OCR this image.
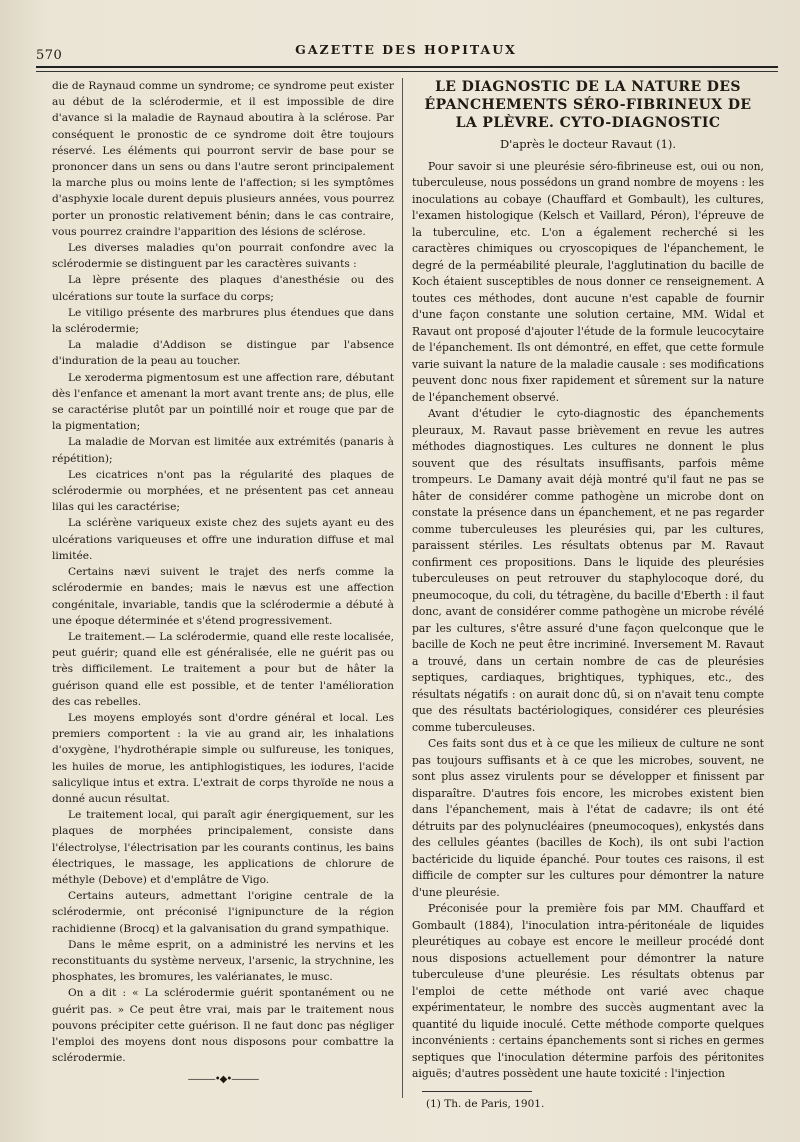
570	GAZETTE DES HOPITAUX

die de Raynaud comme un syndrome; ce syndrome peut exister au début de la sclérodermie, et il est impossible de dire d'avance si la maladie de Raynaud aboutira à la sclérose. Par conséquent le pronostic de ce syndrome doit être toujours réservé. Les éléments qui pourront servir de base pour se prononcer dans un sens ou dans l'autre seront principalement la marche plus ou moins lente de l'affection; si les symptômes d'asphyxie locale durent depuis plusieurs années, vous pourrez porter un pronostic relativement bénin; dans le cas contraire, vous pourrez craindre l'apparition des lésions de sclérose.

Les diverses maladies qu'on pourrait confondre avec la sclérodermie se distinguent par les caractères suivants :

La lèpre présente des plaques d'anesthésie ou des ulcérations sur toute la surface du corps;

Le vitiligo présente des marbrures plus étendues que dans la sclérodermie;

La maladie d'Addison se distingue par l'absence d'induration de la peau au toucher.

Le xeroderma pigmentosum est une affection rare, débutant dès l'enfance et amenant la mort avant trente ans; de plus, elle se caractérise plutôt par un pointillé noir et rouge que par de la pigmentation;

La maladie de Morvan est limitée aux extrémités (panaris à répétition);

Les cicatrices n'ont pas la régularité des plaques de sclérodermie ou morphées, et ne présentent pas cet anneau lilas qui les caractérise;

La sclérène variqueux existe chez des sujets ayant eu des ulcérations variqueuses et offre une induration diffuse et mal limitée.

Certains nævi suivent le trajet des nerfs comme la sclérodermie en bandes; mais le nævus est une affection congénitale, invariable, tandis que la sclérodermie a débuté à une époque déterminée et s'étend progressivement.

Le traitement.— La sclérodermie, quand elle reste localisée, peut guérir; quand elle est généralisée, elle ne guérit pas ou très difficilement. Le traitement a pour but de hâter la guérison quand elle est possible, et de tenter l'amélioration des cas rebelles.

Les moyens employés sont d'ordre général et local. Les premiers comportent : la vie au grand air, les inhalations d'oxygène, l'hydrothérapie simple ou sulfureuse, les toniques, les huiles de morue, les antiphlogistiques, les iodures, l'acide salicylique intus et extra. L'extrait de corps thyroïde ne nous a donné aucun résultat.

Le traitement local, qui paraît agir énergiquement, sur les plaques de morphées principalement, consiste dans l'électrolyse, l'électrisation par les courants continus, les bains électriques, le massage, les applications de chlorure de méthyle (Debove) et d'emplâtre de Vigo.

Certains auteurs, admettant l'origine centrale de la sclérodermie, ont préconisé l'ignipuncture de la région rachidienne (Brocq) et la galvanisation du grand sympathique.

Dans le même esprit, on a administré les nervins et les reconstituants du système nerveux, l'arsenic, la strychnine, les phosphates, les bromures, les valérianates, le musc.

On a dit : « La sclérodermie guérit spontanément ou ne guérit pas. » Ce peut être vrai, mais par le traitement nous pouvons précipiter cette guérison. Il ne faut donc pas négliger l'emploi des moyens dont nous disposons pour combattre la sclérodermie.

———•◆•———
LE DIAGNOSTIC DE LA NATURE DES ÉPANCHEMENTS SÉRO-FIBRINEUX DE LA PLÈVRE. CYTO-DIAGNOSTIC
D'après le docteur Ravaut (1).

Pour savoir si une pleurésie séro-fibrineuse est, oui ou non, tuberculeuse, nous possédons un grand nombre de moyens : les inoculations au cobaye (Chauffard et Gombault), les cultures, l'examen histologique (Kelsch et Vaillard, Péron), l'épreuve de la tuberculine, etc. L'on a également recherché si les caractères chimiques ou cryoscopiques de l'épanchement, le degré de la perméabilité pleurale, l'agglutination du bacille de Koch étaient susceptibles de nous donner ce renseignement. A toutes ces méthodes, dont aucune n'est capable de fournir d'une façon constante une solution certaine, MM. Widal et Ravaut ont proposé d'ajouter l'étude de la formule leucocytaire de l'épanchement. Ils ont démontré, en effet, que cette formule varie suivant la nature de la maladie causale : ses modifications peuvent donc nous fixer rapidement et sûrement sur la nature de l'épanchement observé.

Avant d'étudier le cyto-diagnostic des épanchements pleuraux, M. Ravaut passe brièvement en revue les autres méthodes diagnostiques. Les cultures ne donnent le plus souvent que des résultats insuffisants, parfois même trompeurs. Le Damany avait déjà montré qu'il faut ne pas se hâter de considérer comme pathogène un microbe dont on constate la présence dans un épanchement, et ne pas regarder comme tuberculeuses les pleurésies qui, par les cultures, paraissent stériles. Les résultats obtenus par M. Ravaut confirment ces propositions. Dans le liquide des pleurésies tuberculeuses on peut retrouver du staphylocoque doré, du pneumocoque, du coli, du tétragène, du bacille d'Eberth : il faut donc, avant de considérer comme pathogène un microbe révélé par les cultures, s'être assuré d'une façon quelconque que le bacille de Koch ne peut être incriminé. Inversement M. Ravaut a trouvé, dans un certain nombre de cas de pleurésies septiques, cardiaques, brightiques, typhiques, etc., des résultats négatifs : on aurait donc dû, si on n'avait tenu compte que des résultats bactériologiques, considérer ces pleurésies comme tuberculeuses.

Ces faits sont dus et à ce que les milieux de culture ne sont pas toujours suffisants et à ce que les microbes, souvent, ne sont plus assez virulents pour se développer et finissent par disparaître. D'autres fois encore, les microbes existent bien dans l'épanchement, mais à l'état de cadavre; ils ont été détruits par des polynucléaires (pneumocoques), enkystés dans des cellules géantes (bacilles de Koch), ils ont subi l'action bactéricide du liquide épanché. Pour toutes ces raisons, il est difficile de compter sur les cultures pour démontrer la nature d'une pleurésie.

Préconisée pour la première fois par MM. Chauffard et Gombault (1884), l'inoculation intra-péritonéale de liquides pleurétiques au cobaye est encore le meilleur procédé dont nous disposions actuellement pour démontrer la nature tuberculeuse d'une pleurésie. Les résultats obtenus par l'emploi de cette méthode ont varié avec chaque expérimentateur, le nombre des succès augmentant avec la quantité du liquide inoculé. Cette méthode comporte quelques inconvénients : certains épanchements sont si riches en germes septiques que l'inoculation détermine parfois des péritonites aiguës; d'autres possèdent une haute toxicité : l'injection

(1) Th. de Paris, 1901.
